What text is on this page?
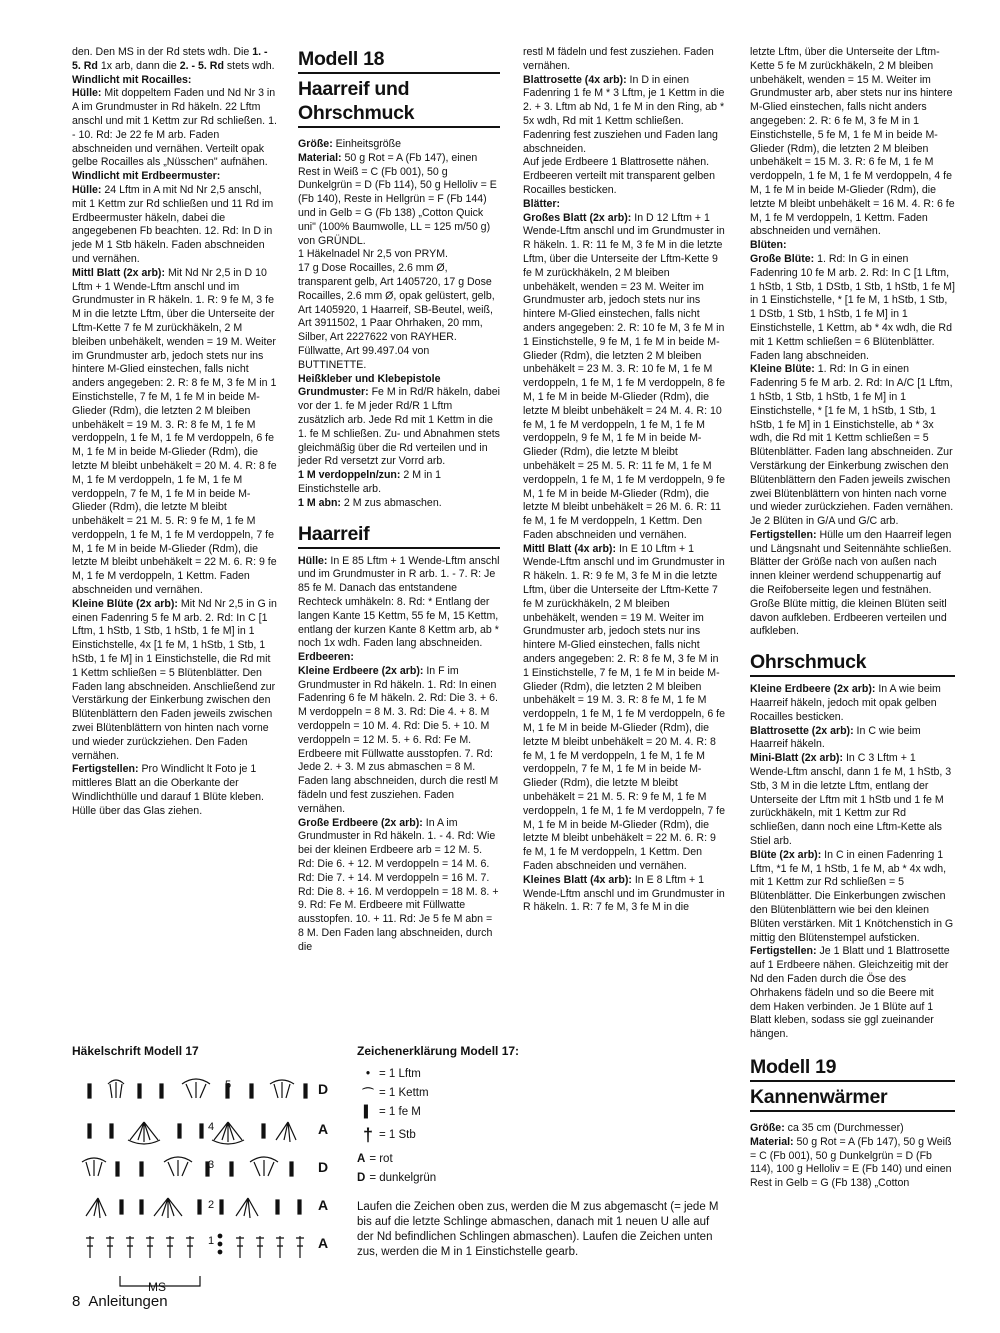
den. Den MS in der Rd stets wdh. Die 1. - 5. Rd 1x arb, dann die 2. - 5. Rd stets wdh.

Windlicht mit Rocailles:

Hülle: Mit doppeltem Faden und Nd Nr 3 in A im Grundmuster in Rd häkeln. 22 Lftm anschl und mit 1 Kettm zur Rd schließen. 1. - 10. Rd: Je 22 fe M arb. Faden abschneiden und vernähen. Verteilt opak gelbe Rocailles als „Nüsschen" aufnähen.

Windlicht mit Erdbeermuster:

Hülle: 24 Lftm in A mit Nd Nr 2,5 anschl, mit 1 Kettm zur Rd schließen und 11 Rd im Erdbeermuster häkeln, dabei die angegebenen Fb beachten. 12. Rd: In D in jede M 1 Stb häkeln. Faden abschneiden und vernähen.

Mittl Blatt (2x arb): Mit Nd Nr 2,5 in D 10 Lftm + 1 Wende-Lftm anschl und im Grundmuster in R häkeln. 1. R: 9 fe M, 3 fe M in die letzte Lftm, über die Unterseite der Lftm-Kette 7 fe M zurückhäkeln, 2 M bleiben unbehäkelt, wenden = 19 M. Weiter im Grundmuster arb, jedoch stets nur ins hintere M-Glied einstechen, falls nicht anders angegeben: 2. R: 8 fe M, 3 fe M in 1 Einstichstelle, 7 fe M, 1 fe M in beide M-Glieder (Rdm), die letzten 2 M bleiben unbehäkelt = 19 M. 3. R: 8 fe M, 1 fe M verdoppeln, 1 fe M, 1 fe M verdoppeln, 6 fe M, 1 fe M in beide M-Glieder (Rdm), die letzte M bleibt unbehäkelt = 20 M. 4. R: 8 fe M, 1 fe M verdoppeln, 1 fe M, 1 fe M verdoppeln, 7 fe M, 1 fe M in beide M-Glieder (Rdm), die letzte M bleibt unbehäkelt = 21 M. 5. R: 9 fe M, 1 fe M verdoppeln, 1 fe M, 1 fe M verdoppeln, 7 fe M, 1 fe M in beide M-Glieder (Rdm), die letzte M bleibt unbehäkelt = 22 M. 6. R: 9 fe M, 1 fe M verdoppeln, 1 Kettm. Faden abschneiden und vernähen.

Kleine Blüte (2x arb): Mit Nd Nr 2,5 in G in einen Fadenring 5 fe M arb. 2. Rd: In C [1 Lftm, 1 hStb, 1 Stb, 1 hStb, 1 fe M] in 1 Einstichstelle, 4x [1 fe M, 1 hStb, 1 Stb, 1 hStb, 1 fe M] in 1 Einstichstelle, die Rd mit 1 Kettm schließen = 5 Blütenblätter. Den Faden lang abschneiden. Anschließend zur Verstärkung der Einkerbung zwischen den Blütenblättern den Faden jeweils zwischen zwei Blütenblättern von hinten nach vorne und wieder zurückziehen. Den Faden vernähen.

Fertigstellen: Pro Windlicht lt Foto je 1 mittleres Blatt an die Oberkante der Windlichthülle und darauf 1 Blüte kleben. Hülle über das Glas ziehen.

Modell 18
Haarreif und
Ohrschmuck

Größe: Einheitsgröße

Material: 50 g Rot = A (Fb 147), einen Rest in Weiß = C (Fb 001), 50 g Dunkelgrün = D (Fb 114), 50 g Helloliv = E (Fb 140), Reste in Hellgrün = F (Fb 144) und in Gelb = G (Fb 138) „Cotton Quick uni" (100% Baumwolle, LL = 125 m/50 g) von GRÜNDL.

1 Häkelnadel Nr 2,5 von PRYM.

17 g Dose Rocailles, 2.6 mm Ø, transparent gelb, Art 1405720, 17 g Dose Rocailles, 2.6 mm Ø, opak gelüstert, gelb, Art 1405920, 1 Haarreif, SB-Beutel, weiß, Art 3911502, 1 Paar Ohrhaken, 20 mm, Silber, Art 2227622 von RAYHER.

Füllwatte, Art 99.497.04 von BUTTINETTE.

Heißkleber und Klebepistole

Grundmuster: Fe M in Rd/R häkeln, dabei vor der 1. fe M jeder Rd/R 1 Lftm zusätzlich arb. Jede Rd mit 1 Kettm in die 1. fe M schließen. Zu- und Abnahmen stets gleichmäßig über die Rd verteilen und in jeder Rd versetzt zur Vorrd arb.

1 M verdoppeln/zun: 2 M in 1 Einstichstelle arb.

1 M abn: 2 M zus abmaschen.

Haarreif

Hülle: In E 85 Lftm + 1 Wende-Lftm anschl und im Grundmuster in R arb. 1. - 7. R: Je 85 fe M. Danach das entstandene Rechteck umhäkeln: 8. Rd: * Entlang der langen Kante 15 Kettm, 55 fe M, 15 Kettm, entlang der kurzen Kante 8 Kettm arb, ab * noch 1x wdh. Faden lang abschneiden.

Erdbeeren:

Kleine Erdbeere (2x arb): In F im Grundmuster in Rd häkeln. 1. Rd: In einen Fadenring 6 fe M häkeln. 2. Rd: Die 3. + 6. M verdoppeln = 8 M. 3. Rd: Die 4. + 8. M verdoppeln = 10 M. 4. Rd: Die 5. + 10. M verdoppeln = 12 M. 5. + 6. Rd: Fe M. Erdbeere mit Füllwatte ausstopfen. 7. Rd: Jede 2. + 3. M zus abmaschen = 8 M. Faden lang abschneiden, durch die restl M fädeln und fest zusziehen. Faden vernähen.

Große Erdbeere (2x arb): In A im Grundmuster in Rd häkeln. 1. - 4. Rd: Wie bei der kleinen Erdbeere arb = 12 M. 5. Rd: Die 6. + 12. M verdoppeln = 14 M. 6. Rd: Die 7. + 14. M verdoppeln = 16 M. 7. Rd: Die 8. + 16. M verdoppeln = 18 M. 8. + 9. Rd: Fe M. Erdbeere mit Füllwatte ausstopfen. 10. + 11. Rd: Je 5 fe M abn = 8 M. Den Faden lang abschneiden, durch die

restl M fädeln und fest zusziehen. Faden vernähen.

Blattrosette (4x arb): In D in einen Fadenring 1 fe M * 3 Lftm, je 1 Kettm in die 2. + 3. Lftm ab Nd, 1 fe M in den Ring, ab * 5x wdh, Rd mit 1 Kettm schließen. Fadenring fest zusziehen und Faden lang abschneiden.

Auf jede Erdbeere 1 Blattrosette nähen. Erdbeeren verteilt mit transparent gelben Rocailles besticken.

Blätter:

Großes Blatt (2x arb): In D 12 Lftm + 1 Wende-Lftm anschl und im Grundmuster in R häkeln. 1. R: 11 fe M, 3 fe M in die letzte Lftm, über die Unterseite der Lftm-Kette 9 fe M zurückhäkeln, 2 M bleiben unbehäkelt, wenden = 23 M. Weiter im Grundmuster arb, jedoch stets nur ins hintere M-Glied einstechen, falls nicht anders angegeben: 2. R: 10 fe M, 3 fe M in 1 Einstichstelle, 9 fe M, 1 fe M in beide M-Glieder (Rdm), die letzten 2 M bleiben unbehäkelt = 23 M. 3. R: 10 fe M, 1 fe M verdoppeln, 1 fe M, 1 fe M verdoppeln, 8 fe M, 1 fe M in beide M-Glieder (Rdm), die letzte M bleibt unbehäkelt = 24 M. 4. R: 10 fe M, 1 fe M verdoppeln, 1 fe M, 1 fe M verdoppeln, 9 fe M, 1 fe M in beide M-Glieder (Rdm), die letzte M bleibt unbehäkelt = 25 M. 5. R: 11 fe M, 1 fe M verdoppeln, 1 fe M, 1 fe M verdoppeln, 9 fe M, 1 fe M in beide M-Glieder (Rdm), die letzte M bleibt unbehäkelt = 26 M. 6. R: 11 fe M, 1 fe M verdoppeln, 1 Kettm. Den Faden abschneiden und vernähen.

Mittl Blatt (4x arb): In E 10 Lftm + 1 Wende-Lftm anschl und im Grundmuster in R häkeln. 1. R: 9 fe M, 3 fe M in die letzte Lftm, über die Unterseite der Lftm-Kette 7 fe M zurückhäkeln, 2 M bleiben unbehäkelt, wenden = 19 M. Weiter im Grundmuster arb, jedoch stets nur ins hintere M-Glied einstechen, falls nicht anders angegeben: 2. R: 8 fe M, 3 fe M in 1 Einstichstelle, 7 fe M, 1 fe M in beide M-Glieder (Rdm), die letzten 2 M bleiben unbehäkelt = 19 M. 3. R: 8 fe M, 1 fe M verdoppeln, 1 fe M, 1 fe M verdoppeln, 6 fe M, 1 fe M in beide M-Glieder (Rdm), die letzte M bleibt unbehäkelt = 20 M. 4. R: 8 fe M, 1 fe M verdoppeln, 1 fe M, 1 fe M verdoppeln, 7 fe M, 1 fe M in beide M-Glieder (Rdm), die letzte M bleibt unbehäkelt = 21 M. 5. R: 9 fe M, 1 fe M verdoppeln, 1 fe M, 1 fe M verdoppeln, 7 fe M, 1 fe M in beide M-Glieder (Rdm), die letzte M bleibt unbehäkelt = 22 M. 6. R: 9 fe M, 1 fe M verdoppeln, 1 Kettm. Den Faden abschneiden und vernähen.

Kleines Blatt (4x arb): In E 8 Lftm + 1 Wende-Lftm anschl und im Grundmuster in R häkeln. 1. R: 7 fe M, 3 fe M in die

letzte Lftm, über die Unterseite der Lftm-Kette 5 fe M zurückhäkeln, 2 M bleiben unbehäkelt, wenden = 15 M. Weiter im Grundmuster arb, aber stets nur ins hintere M-Glied einstechen, falls nicht anders angegeben: 2. R: 6 fe M, 3 fe M in 1 Einstichstelle, 5 fe M, 1 fe M in beide M-Glieder (Rdm), die letzten 2 M bleiben unbehäkelt = 15 M. 3. R: 6 fe M, 1 fe M verdoppeln, 1 fe M, 1 fe M verdoppeln, 4 fe M, 1 fe M in beide M-Glieder (Rdm), die letzte M bleibt unbehäkelt = 16 M. 4. R: 6 fe M, 1 fe M verdoppeln, 1 Kettm. Faden abschneiden und vernähen.

Blüten:

Große Blüte: 1. Rd: In G in einen Fadenring 10 fe M arb. 2. Rd: In C [1 Lftm, 1 hStb, 1 Stb, 1 DStb, 1 Stb, 1 hStb, 1 fe M] in 1 Einstichstelle, * [1 fe M, 1 hStb, 1 Stb, 1 DStb, 1 Stb, 1 hStb, 1 fe M] in 1 Einstichstelle, 1 Kettm, ab * 4x wdh, die Rd mit 1 Kettm schließen = 6 Blütenblätter. Faden lang abschneiden.

Kleine Blüte: 1. Rd: In G in einen Fadenring 5 fe M arb. 2. Rd: In A/C [1 Lftm, 1 hStb, 1 Stb, 1 hStb, 1 fe M] in 1 Einstichstelle, * [1 fe M, 1 hStb, 1 Stb, 1 hStb, 1 fe M] in 1 Einstichstelle, ab * 3x wdh, die Rd mit 1 Kettm schließen = 5 Blütenblätter. Faden lang abschneiden. Zur Verstärkung der Einkerbung zwischen den Blütenblättern den Faden jeweils zwischen zwei Blütenblättern von hinten nach vorne und wieder zurückziehen. Faden vernähen.

Je 2 Blüten in G/A und G/C arb.

Fertigstellen: Hülle um den Haarreif legen und Längsnaht und Seitennähte schließen. Blätter der Größe nach von außen nach innen kleiner werdend schuppenartig auf die Reifoberseite legen und festnähen. Große Blüte mittig, die kleinen Blüten seitl davon aufkleben. Erdbeeren verteilen und aufkleben.

Ohrschmuck

Kleine Erdbeere (2x arb): In A wie beim Haarreif häkeln, jedoch mit opak gelben Rocailles besticken.

Blattrosette (2x arb): In C wie beim Haarreif häkeln.

Mini-Blatt (2x arb): In C 3 Lftm + 1 Wende-Lftm anschl, dann 1 fe M, 1 hStb, 3 Stb, 3 M in die letzte Lftm, entlang der Unterseite der Lftm mit 1 hStb und 1 fe M zurückhäkeln, mit 1 Kettm zur Rd schließen, dann noch eine Lftm-Kette als Stiel arb.

Blüte (2x arb): In C in einen Fadenring 1 Lftm, *1 fe M, 1 hStb, 1 fe M, ab * 4x wdh, mit 1 Kettm zur Rd schließen = 5 Blütenblätter. Die Einkerbungen zwischen den Blütenblättern wie bei den kleinen Blüten verstärken. Mit 1 Knötchenstich in G mittig den Blütenstempel aufsticken.

Fertigstellen: Je 1 Blatt und 1 Blattrosette auf 1 Erdbeere nähen. Gleichzeitig mit der Nd den Faden durch die Öse des Ohrhakens fädeln und so die Beere mit dem Haken verbinden. Je 1 Blüte auf 1 Blatt kleben, sodass sie ggl zueinander hängen.

Modell 19
Kannenwärmer

Größe: ca 35 cm (Durchmesser)

Material: 50 g Rot = A (Fb 147), 50 g Weiß = C (Fb 001), 50 g Dunkelgrün = D (Fb 114), 100 g Helloliv = E (Fb 140) und einen Rest in Gelb = G (Fb 138) „Cotton

Häkelschrift Modell 17
5
4
3
2
1
MS
D
A
D
A
A
Zeichenerklärung Modell 17:
• = 1 Lftm
⌒ = 1 Kettm
▌ = 1 fe M
† = 1 Stb
A = rot
D = dunkelgrün
Laufen die Zeichen oben zus, werden die M zus abgemascht (= jede M bis auf die letzte Schlinge abmaschen, danach mit 1 neuen U alle auf der Nd befindlichen Schlingen abmaschen). Laufen die Zeichen unten zus, werden die M in 1 Einstichstelle gearb.
8 Anleitungen
